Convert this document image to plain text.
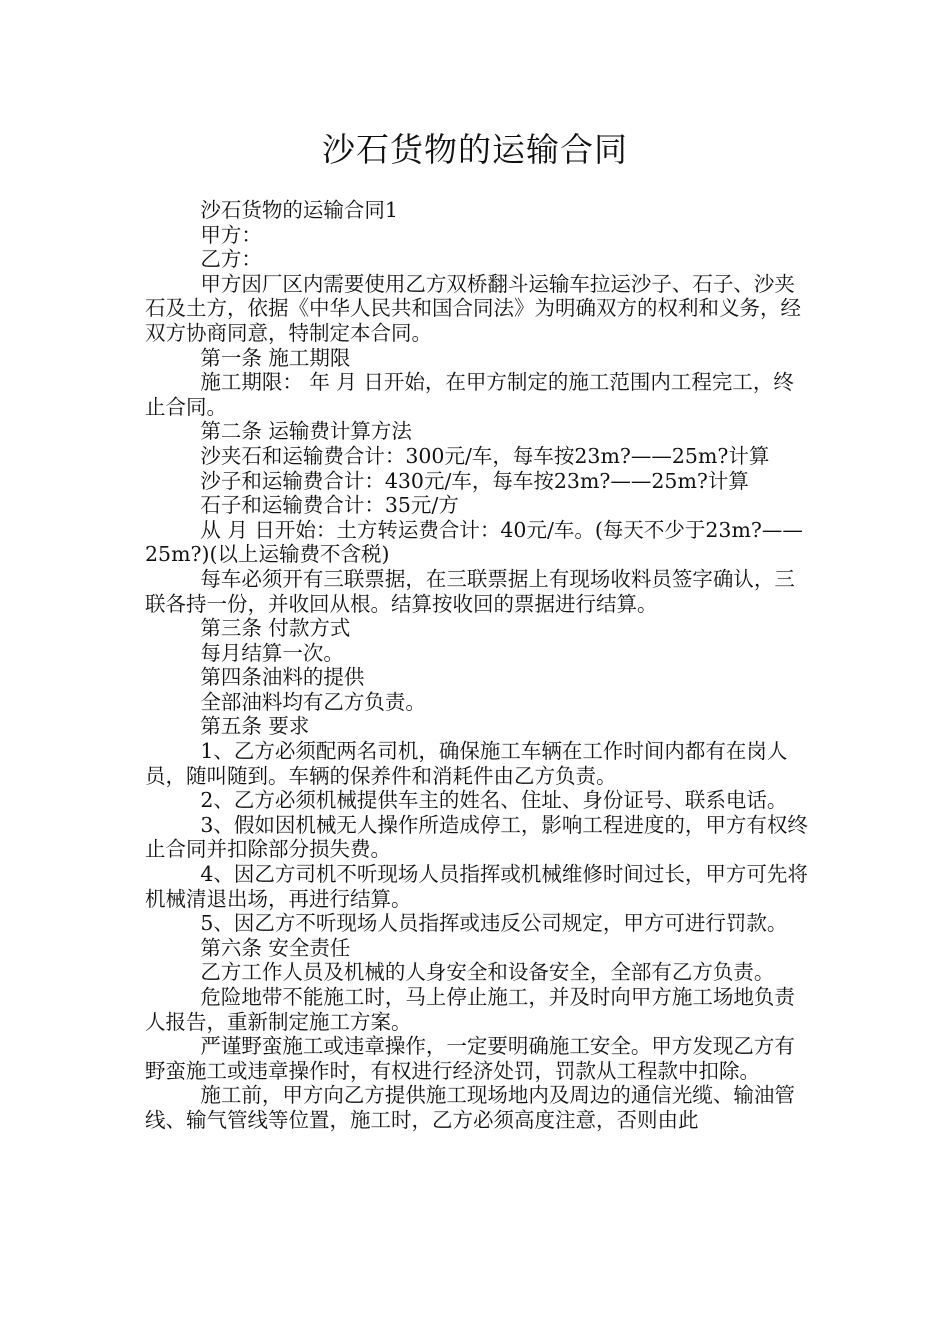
沙石货物的运输合同

沙石货物的运输合同1

甲方：

乙方：

甲方因厂区内需要使用乙方双桥翻斗运输车拉运沙子、石子、沙夹石及土方，依据《中华人民共和国合同法》为明确双方的权利和义务，经双方协商同意，特制定本合同。

第一条 施工期限

施工期限： 年 月 日开始，在甲方制定的施工范围内工程完工，终止合同。

第二条 运输费计算方法

沙夹石和运输费合计：300元/车，每车按23m?——25m?计算

沙子和运输费合计：430元/车，每车按23m?——25m?计算

石子和运输费合计：35元/方

从 月 日开始：土方转运费合计：40元/车。(每天不少于23m?——25m?)(以上运输费不含税)

每车必须开有三联票据，在三联票据上有现场收料员签字确认，三联各持一份，并收回从根。结算按收回的票据进行结算。

第三条 付款方式

每月结算一次。

第四条油料的提供

全部油料均有乙方负责。

第五条 要求

1、乙方必须配两名司机，确保施工车辆在工作时间内都有在岗人员，随叫随到。车辆的保养件和消耗件由乙方负责。

2、乙方必须机械提供车主的姓名、住址、身份证号、联系电话。

3、假如因机械无人操作所造成停工，影响工程进度的，甲方有权终止合同并扣除部分损失费。

4、因乙方司机不听现场人员指挥或机械维修时间过长，甲方可先将机械清退出场，再进行结算。

5、因乙方不听现场人员指挥或违反公司规定，甲方可进行罚款。

第六条 安全责任

乙方工作人员及机械的人身安全和设备安全，全部有乙方负责。

危险地带不能施工时，马上停止施工，并及时向甲方施工场地负责人报告，重新制定施工方案。

严谨野蛮施工或违章操作，一定要明确施工安全。甲方发现乙方有野蛮施工或违章操作时，有权进行经济处罚，罚款从工程款中扣除。

施工前，甲方向乙方提供施工现场地内及周边的通信光缆、输油管线、输气管线等位置，施工时，乙方必须高度注意，否则由此
